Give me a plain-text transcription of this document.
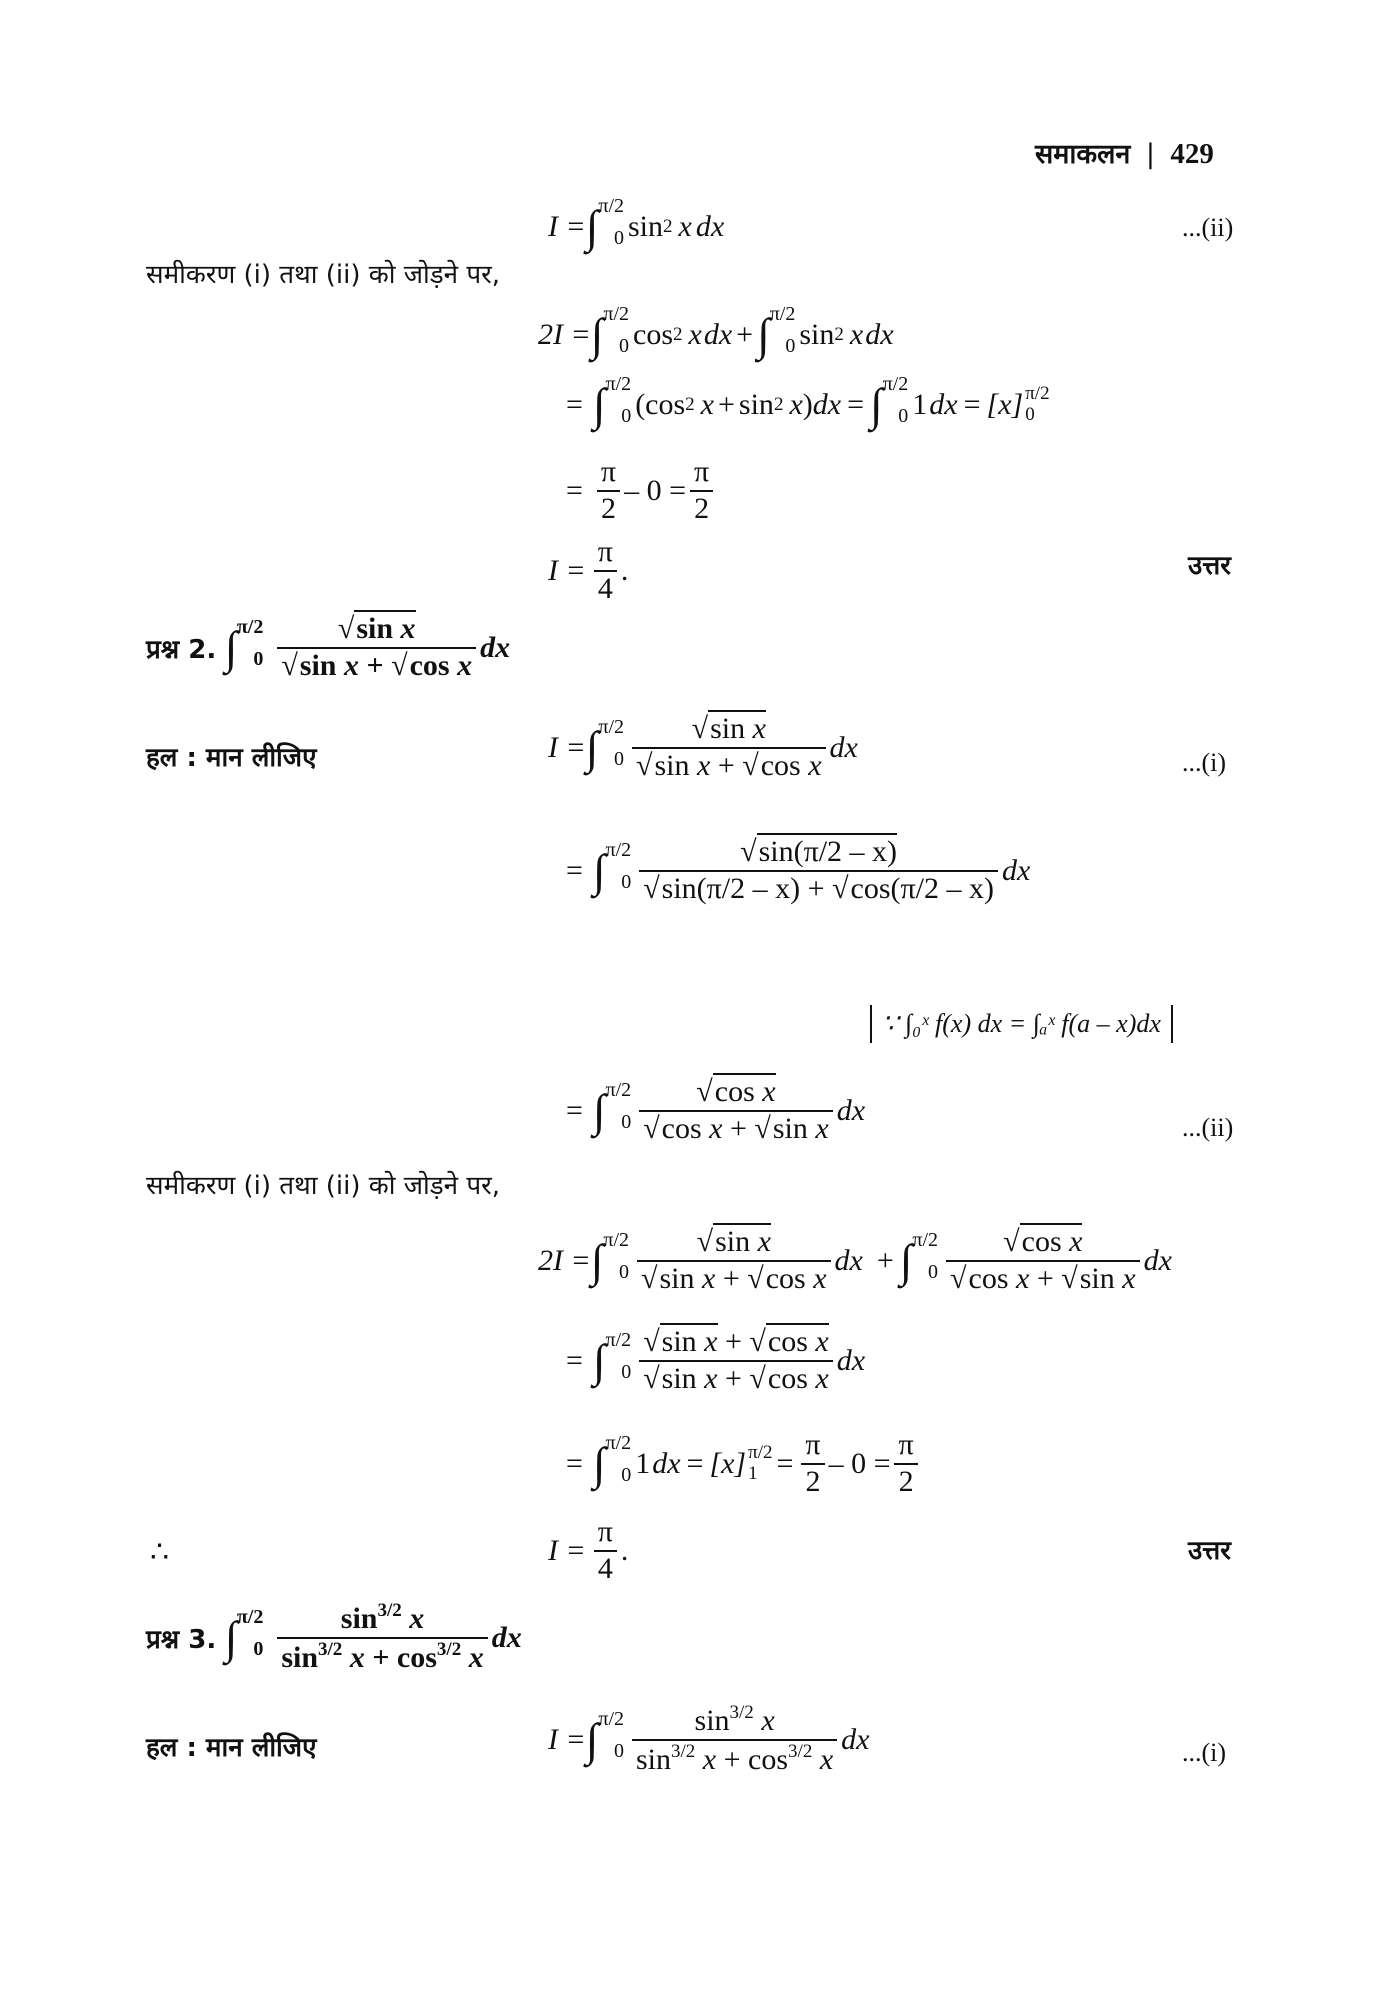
समाकलन | 429
I = ∫ π/2
0 sin 2 x dx	...(ii)
समीकरण (i) तथा (ii) को जोड़ने पर,
2I = ∫ π/2
0 cos 2 x dx + ∫ π/2
0 sin 2 x dx
= ∫ π/2
0 (cos 2 x + sin 2 x ) dx = ∫ π/2
0 1 dx = [x] π/2
0
= $\frac{\pi}{2} - 0 = \frac{\pi}{2}$
$I = \frac{\pi}{4}$ .	उत्तर
प्रश्न 2. ∫ π/2
$0 \frac{\text{√sin x}}{\text{√sin x + √cos x}}$ dx
हल : मान लीजिए	I = ∫ π/2
$0 \frac{\text{√sin x}}{\text{√sin x + √cos x}}$ dx	...(i)
= ∫ π/2
$0 \frac{√\sin(\pi/2 - x)}{√\sin(\pi/2 - x) + √\cos(\pi/2 - x)}$ dx
∵ ∫₀ˣ f(x) dx = ∫ₐˣ f(a – x)dx
= ∫ π/2
$0 \frac{\text{√cos x}}{\text{√cos x + √sin x}}$ dx
...(ii)
समीकरण (i) तथा (ii) को जोड़ने पर,
2I = ∫ π/2
$0 \frac{\text{√sin x}}{\text{√sin x + √cos x}}$ dx + ∫ π/2
$0 \frac{\text{√cos x}}{\text{√cos x + √sin x}}$ dx
= ∫ π/2
$0 \frac{\text{√sin x + √cos x}}{\text{√sin x + √cos x}}$ dx
= ∫ π/2
0 1 dx = [x] π/2
$1 = \frac{\pi}{2} - 0 = \frac{\pi}{2}$
∴	$I = \frac{\pi}{4}$ .	उत्तर
प्रश्न 3. ∫ π/2
$0 \frac{\sin^{3/2} x}{\sin^{3/2} x + \cos^{3/2} x}$ dx
हल : मान लीजिए	I = ∫ π/2
$0 \frac{\sin^{3/2} x}{\sin^{3/2} x + \cos^{3/2} x}$ dx	...(i)
